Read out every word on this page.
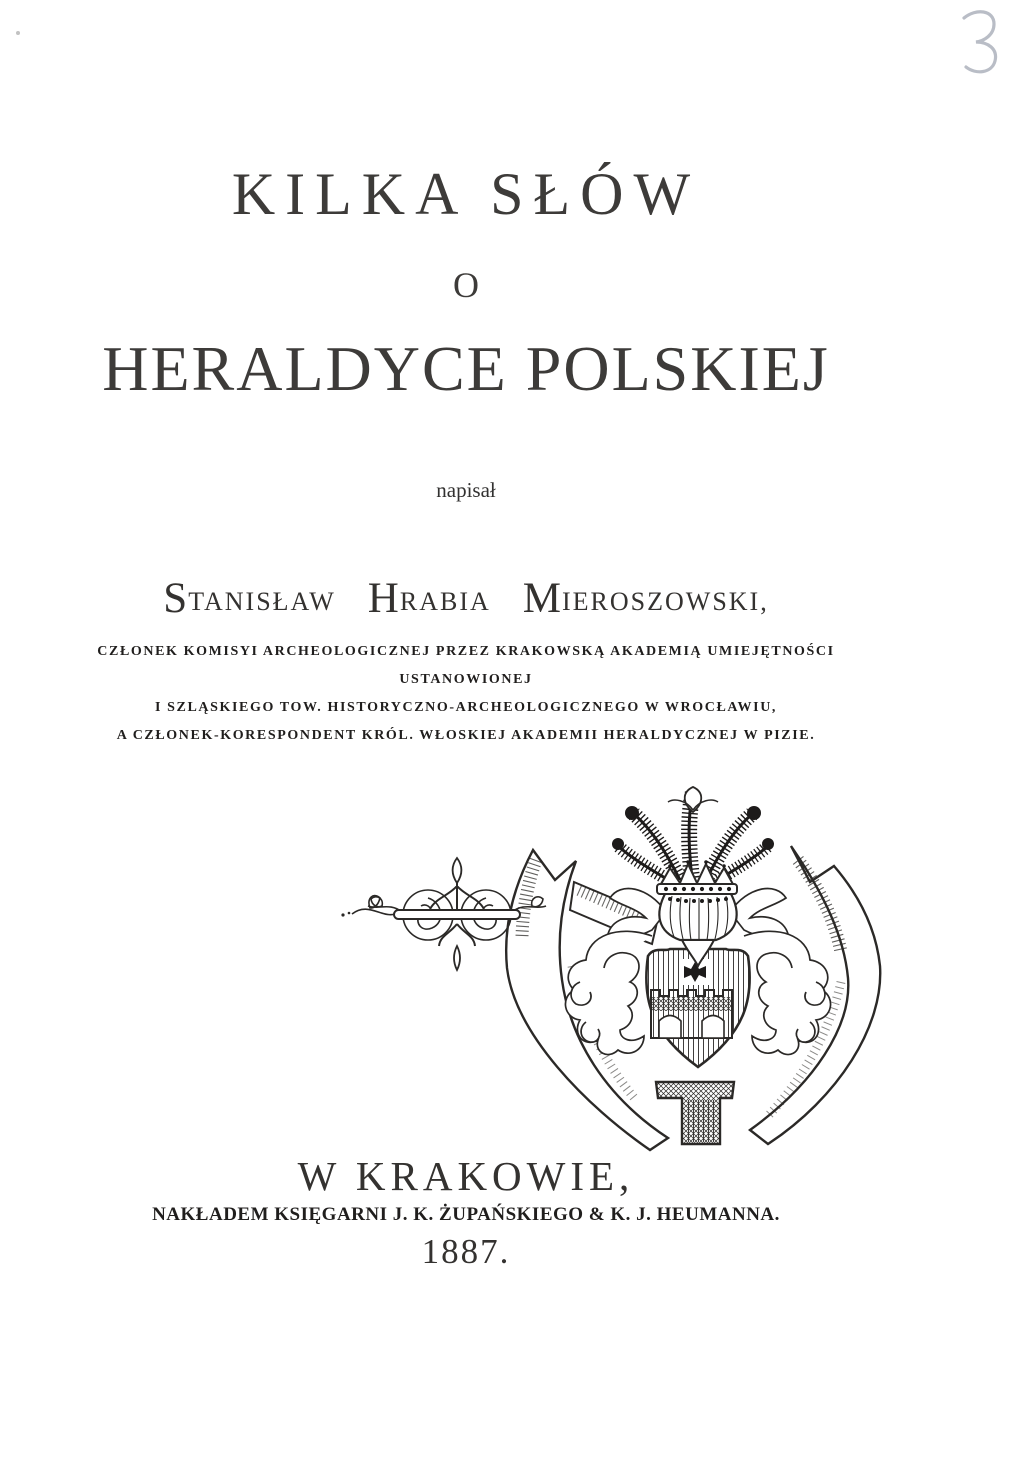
KILKA SŁÓW
O
HERALDYCE POLSKIEJ
napisał
STANISŁAW HRABIA MIEROSZOWSKI,
CZŁONEK KOMISYI ARCHEOLOGICZNEJ PRZEZ KRAKOWSKĄ AKADEMIĄ UMIEJĘTNOŚCI
USTANOWIONEJ
I SZLĄSKIEGO TOW. HISTORYCZNO-ARCHEOLOGICZNEGO W WROCŁAWIU,
A CZŁONEK-KORESPONDENT KRÓL. WŁOSKIEJ AKADEMII HERALDYCZNEJ W PIZIE.
W KRAKOWIE,
NAKŁADEM KSIĘGARNI J. K. ŻUPAŃSKIEGO & K. J. HEUMANNA.
1887.
